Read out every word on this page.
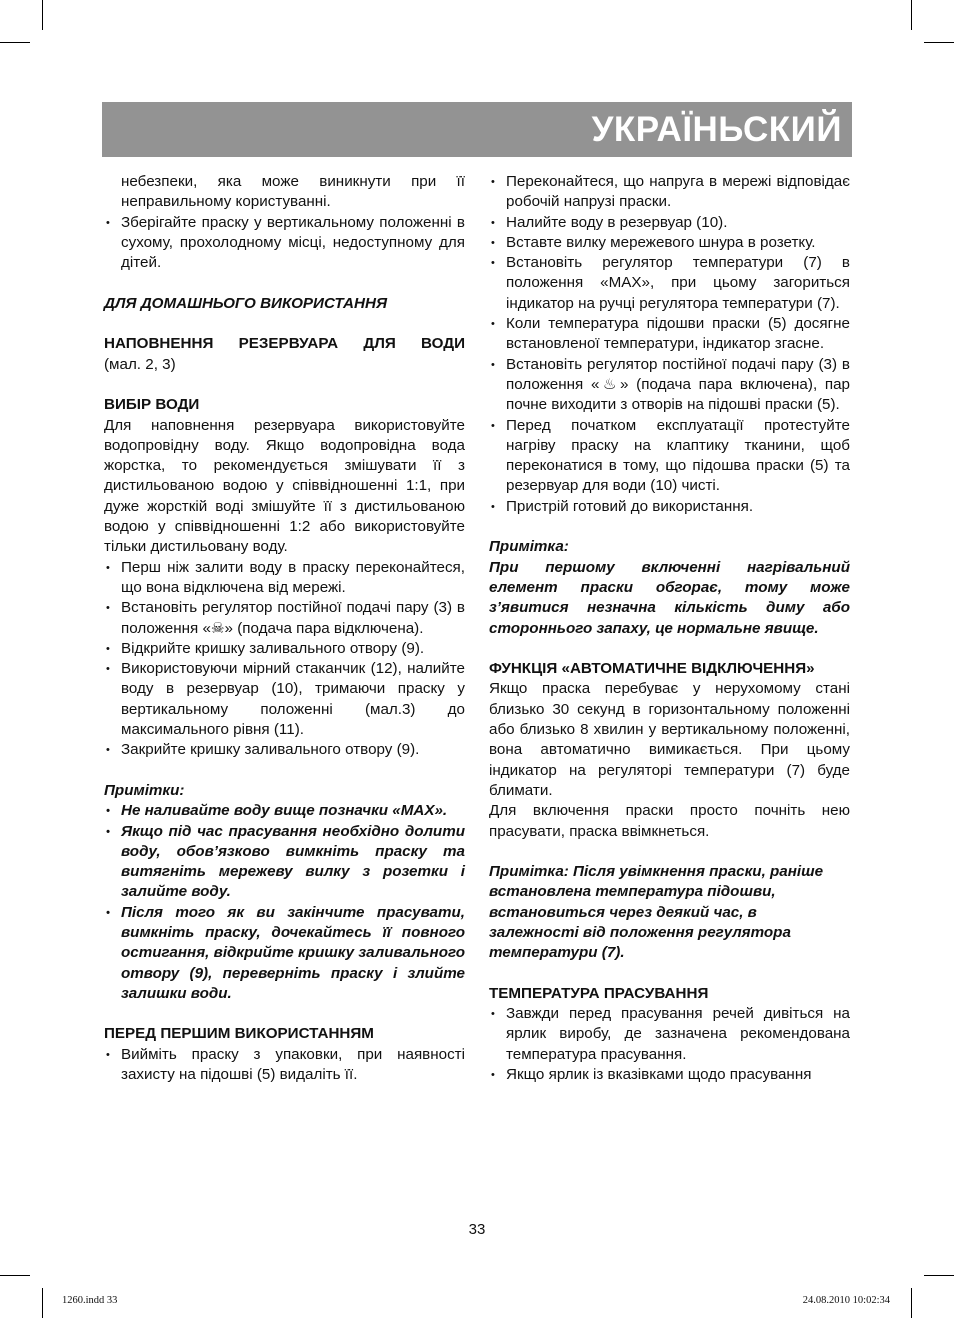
УКРАЇНЬСКИЙ

небезпеки, яка може виникнути при її неправильному користуванні.

• Зберігайте праску у вертикальному положенні в сухому, прохолодному місці, недоступному для дітей.

ДЛЯ ДОМАШНЬОГО ВИКОРИСТАННЯ

НАПОВНЕННЯ РЕЗЕРВУАРА ДЛЯ ВОДИ

(мал. 2, 3)

ВИБІР ВОДИ

Для наповнення резервуара використовуйте водопровідну воду. Якщо водопровідна вода жорстка, то рекомендується змішувати її з дистильованою водою у співвідношенні 1:1, при дуже жорсткій воді змішуйте її з дистильованою водою у співвідношенні 1:2 або використовуйте тільки дистильовану воду.

• Перш ніж залити воду в праску переконайтеся, що вона відключена від мережі.
• Встановіть регулятор постійної подачі пару (3) в положення «☠» (подача пара відключена).
• Відкрийте кришку заливального отвору (9).
• Використовуючи мірний стаканчик (12), налийте воду в резервуар (10), тримаючи праску у вертикальному положенні (мал.3) до максимального рівня (11).
• Закрийте кришку заливального отвору (9).

Примітки:

• Не наливайте воду вище позначки «MAX».
• Якщо під час прасування необхідно долити воду, обов’язково вимкніть праску та витягніть мережеву вилку з розетки і залийте воду.
• Після того як ви закінчите прасувати, вимкніть праску, дочекайтесь її повного остигання, відкрийте кришку заливального отвору (9), переверніть праску і злийте залишки води.

ПЕРЕД ПЕРШИМ ВИКОРИСТАННЯМ

• Вийміть праску з упаковки, при наявності захисту на підошві (5) видаліть її.
• Переконайтеся, що напруга в мережі відповідає робочій напрузі праски.
• Налийте воду в резервуар (10).
• Вставте вилку мережевого шнура в розетку.
• Встановіть регулятор температури (7) в положення «MAX», при цьому загориться індикатор на ручці регулятора температури (7).
• Коли температура підошви праски (5) досягне встановленої температури, індикатор згасне.
• Встановіть регулятор постійної подачі пару (3) в положення «♨» (подача пара включена), пар почне виходити з отворів на підошві праски (5).
• Перед початком експлуатації протестуйте нагріву праску на клаптику тканини, щоб переконатися в тому, що підошва праски (5) та резервуар для води (10) чисті.
• Пристрій готовий до використання.

Примітка:

При першому включенні нагрівальний елемент праски обгорає, тому може з’явитися незначна кількість диму або стороннього запаху, це нормальне явище.

ФУНКЦІЯ «АВТОМАТИЧНЕ ВІДКЛЮЧЕННЯ»

Якщо праска перебуває у нерухомому стані близько 30 секунд в горизонтальному положенні або близько 8 хвилин у вертикальному положенні, вона автоматично вимикається. При цьому індикатор на регуляторі температури (7) буде блимати.

Для включення праски просто почніть нею прасувати, праска ввімкнеться.

Примітка: Після увімкнення праски, раніше встановлена температура підошви, встановиться через деякий час, в залежності від положення регулятора температури (7).

ТЕМПЕРАТУРА ПРАСУВАННЯ

• Завжди перед прасування речей дивіться на ярлик виробу, де зазначена рекомендована температура прасування.
• Якщо ярлик із вказівками щодо прасування
33
1260.indd 33	24.08.2010 10:02:34
